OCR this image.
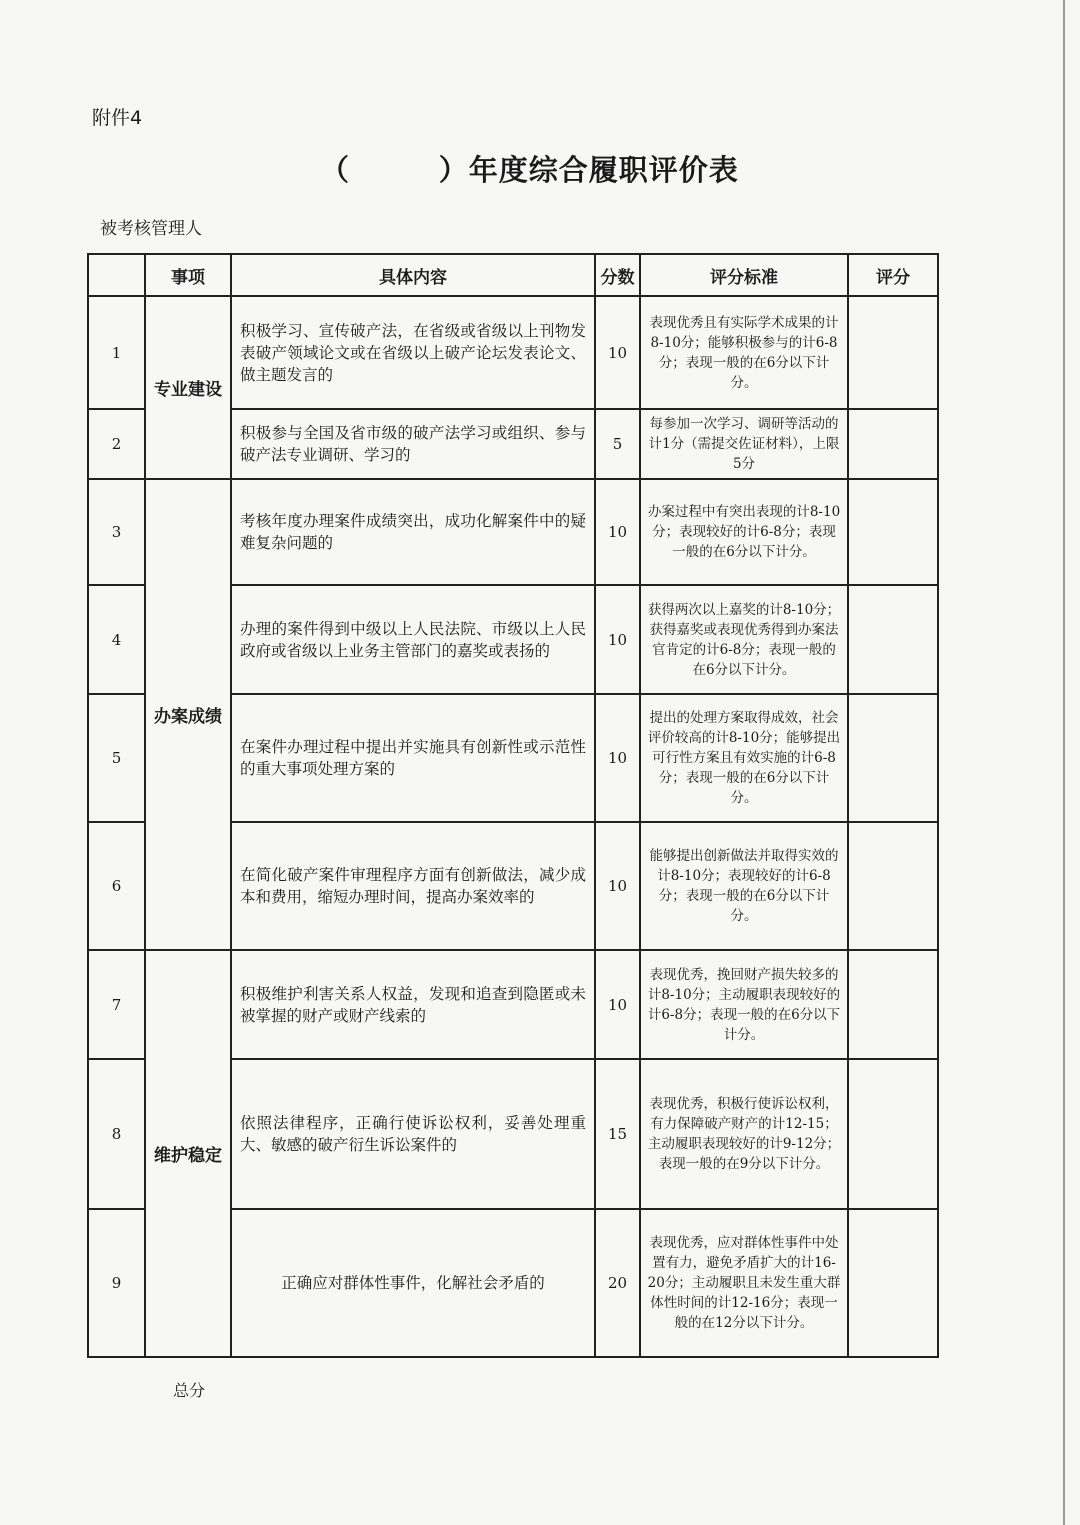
附件4
（        ）年度综合履职评价表
被考核管理人
	事项	具体内容	分数	评分标准	评分
1	专业建设	积极学习、宣传破产法，在省级或省级以上刊物发表破产领域论文或在省级以上破产论坛发表论文、做主题发言的	10	表现优秀且有实际学术成果的计8-10分；能够积极参与的计6-8分；表现一般的在6分以下计分。	
2		积极参与全国及省市级的破产法学习或组织、参与破产法专业调研、学习的	5	每参加一次学习、调研等活动的计1分（需提交佐证材料），上限5分	
3	办案成绩	考核年度办理案件成绩突出，成功化解案件中的疑难复杂问题的	10	办案过程中有突出表现的计8-10分；表现较好的计6-8分；表现一般的在6分以下计分。	
4		办理的案件得到中级以上人民法院、市级以上人民政府或省级以上业务主管部门的嘉奖或表扬的	10	获得两次以上嘉奖的计8-10分；获得嘉奖或表现优秀得到办案法官肯定的计6-8分；表现一般的在6分以下计分。	
5		在案件办理过程中提出并实施具有创新性或示范性的重大事项处理方案的	10	提出的处理方案取得成效，社会评价较高的计8-10分；能够提出可行性方案且有效实施的计6-8分；表现一般的在6分以下计分。	
6		在简化破产案件审理程序方面有创新做法，减少成本和费用，缩短办理时间，提高办案效率的	10	能够提出创新做法并取得实效的计8-10分；表现较好的计6-8分；表现一般的在6分以下计分。	
7	维护稳定	积极维护利害关系人权益，发现和追查到隐匿或未被掌握的财产或财产线索的	10	表现优秀，挽回财产损失较多的计8-10分；主动履职表现较好的计6-8分；表现一般的在6分以下计分。	
8		依照法律程序，正确行使诉讼权利，妥善处理重大、敏感的破产衍生诉讼案件的	15	表现优秀，积极行使诉讼权利，有力保障破产财产的计12-15；主动履职表现较好的计9-12分；表现一般的在9分以下计分。	
9		正确应对群体性事件，化解社会矛盾的	20	表现优秀，应对群体性事件中处置有力，避免矛盾扩大的计16-20分；主动履职且未发生重大群体性时间的计12-16分；表现一般的在12分以下计分。	
总分
